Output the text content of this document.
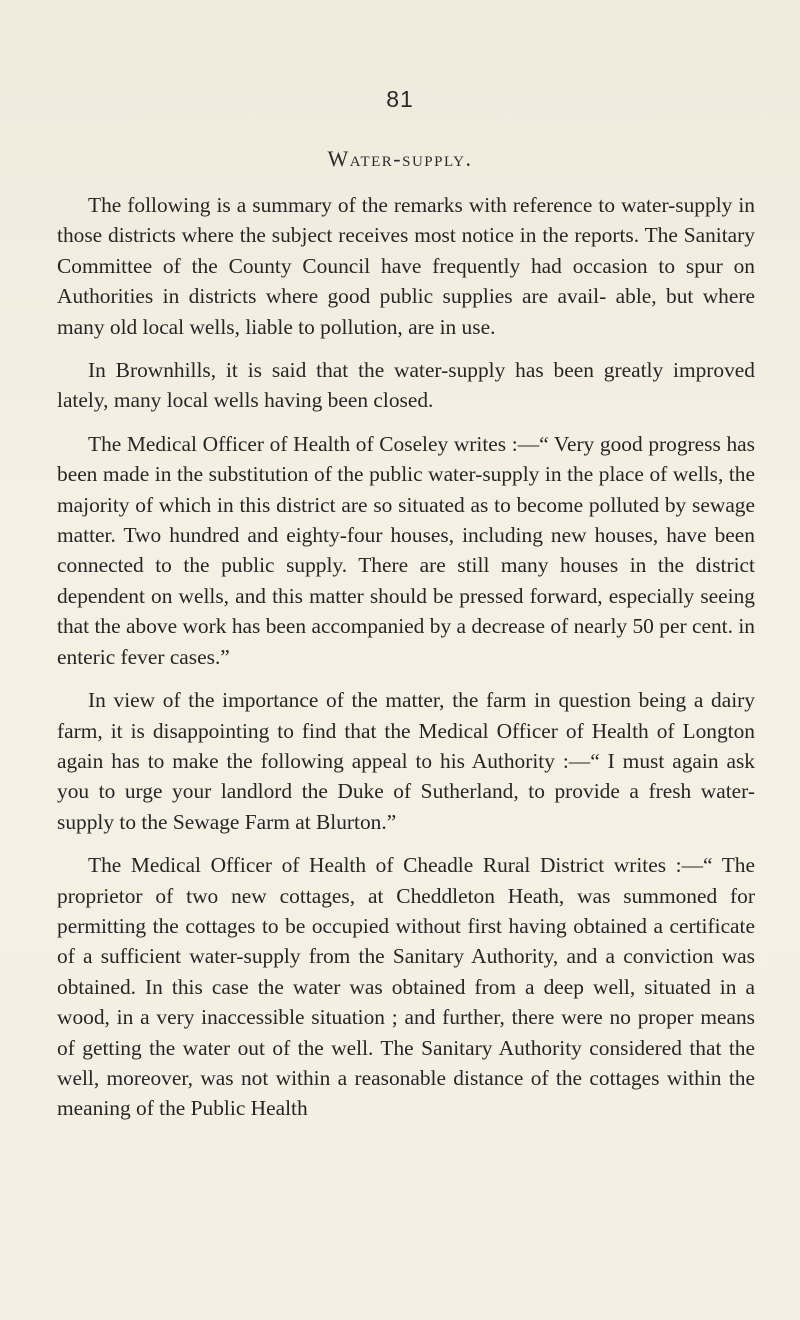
81
Water-supply.

The following is a summary of the remarks with reference to water-supply in those districts where the subject receives most notice in the reports. The Sanitary Committee of the County Council have frequently had occasion to spur on Authorities in districts where good public supplies are avail- able, but where many old local wells, liable to pollution, are in use.

In Brownhills, it is said that the water-supply has been greatly improved lately, many local wells having been closed.

The Medical Officer of Health of Coseley writes :—“ Very good progress has been made in the substitution of the public water-supply in the place of wells, the majority of which in this district are so situated as to become polluted by sewage matter. Two hundred and eighty-four houses, including new houses, have been connected to the public supply. There are still many houses in the district dependent on wells, and this matter should be pressed forward, especially seeing that the above work has been accompanied by a decrease of nearly 50 per cent. in enteric fever cases.”

In view of the importance of the matter, the farm in question being a dairy farm, it is disappointing to find that the Medical Officer of Health of Longton again has to make the following appeal to his Authority :—“ I must again ask you to urge your landlord the Duke of Sutherland, to provide a fresh water-supply to the Sewage Farm at Blurton.”

The Medical Officer of Health of Cheadle Rural District writes :—“ The proprietor of two new cottages, at Cheddleton Heath, was summoned for permitting the cottages to be occupied without first having obtained a certificate of a sufficient water-supply from the Sanitary Authority, and a conviction was obtained. In this case the water was obtained from a deep well, situated in a wood, in a very inaccessible situation ; and further, there were no proper means of getting the water out of the well. The Sanitary Authority considered that the well, moreover, was not within a reasonable distance of the cottages within the meaning of the Public Health
